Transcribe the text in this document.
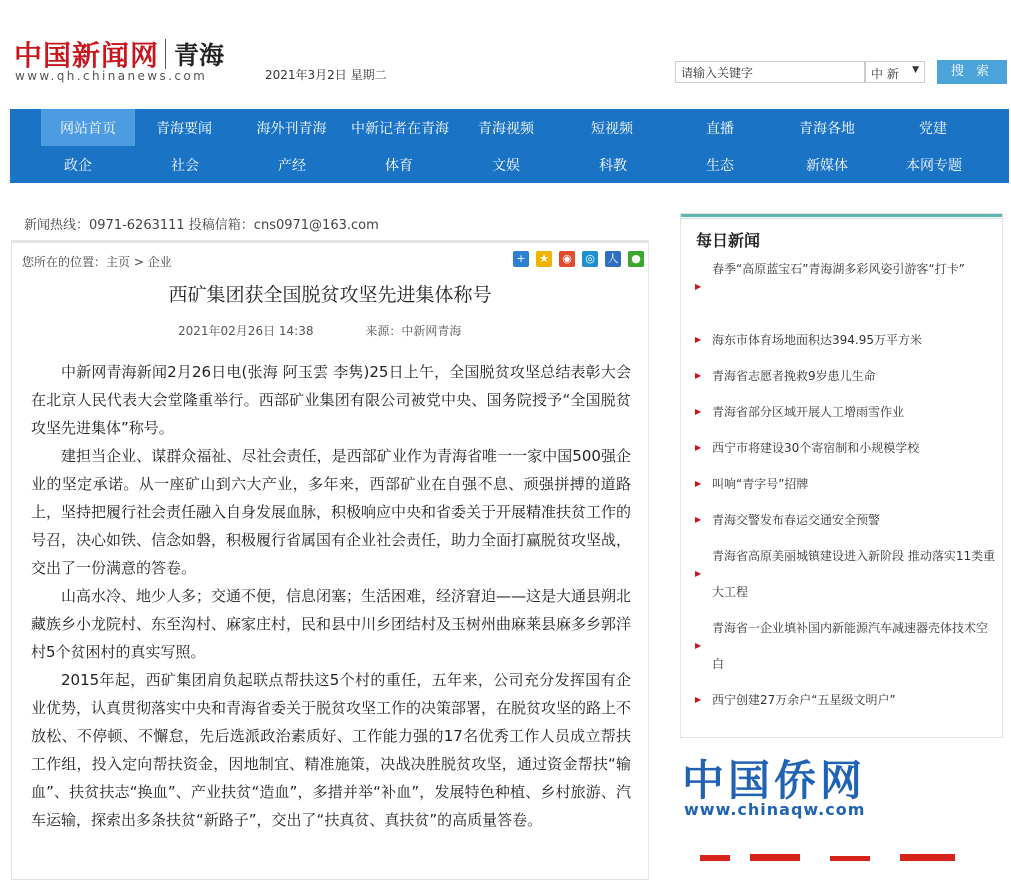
中国新闻网 青海
www.qh.chinanews.com	2021年3月2日 星期二	请输入关键字	中 新 ▼	搜 索
网站首页	青海要闻	海外刊青海	中新记者在青海	青海视频	短视频	直播	青海各地	党建
政企	社会	产经	体育	文娱	科教	生态	新媒体	本网专题
新闻热线：0971-6263111 投稿信箱：cns0971@163.com
您所在的位置：主页 > 企业	+ ★ ◉ ◎ 人 ●
西矿集团获全国脱贫攻坚先进集体称号
2021年02月26日 14:38	来源：中新网青海

中新网青海新闻2月26日电(张海 阿玉雲 李隽)25日上午，全国脱贫攻坚总结表彰大会在北京人民代表大会堂隆重举行。西部矿业集团有限公司被党中央、国务院授予“全国脱贫攻坚先进集体”称号。

建担当企业、谋群众福祉、尽社会责任，是西部矿业作为青海省唯一一家中国500强企业的坚定承诺。从一座矿山到六大产业，多年来，西部矿业在自强不息、顽强拼搏的道路上，坚持把履行社会责任融入自身发展血脉，积极响应中央和省委关于开展精准扶贫工作的号召，决心如铁、信念如磐，积极履行省属国有企业社会责任，助力全面打赢脱贫攻坚战，交出了一份满意的答卷。

山高水冷、地少人多；交通不便，信息闭塞；生活困难，经济窘迫——这是大通县朔北藏族乡小龙院村、东至沟村、麻家庄村，民和县中川乡团结村及玉树州曲麻莱县麻多乡郭洋村5个贫困村的真实写照。

2015年起，西矿集团肩负起联点帮扶这5个村的重任，五年来，公司充分发挥国有企业优势，认真贯彻落实中央和青海省委关于脱贫攻坚工作的决策部署，在脱贫攻坚的路上不放松、不停顿、不懈怠，先后选派政治素质好、工作能力强的17名优秀工作人员成立帮扶工作组，投入定向帮扶资金，因地制宜、精准施策，决战决胜脱贫攻坚，通过资金帮扶“输血”、扶贫扶志“换血”、产业扶贫“造血”，多措并举“补血”，发展特色种植、乡村旅游、汽车运输，探索出多条扶贫“新路子”，交出了“扶真贫、真扶贫”的高质量答卷。

每日新闻
▶
春季“高原蓝宝石”青海湖多彩风姿引游客“打卡”
▶ 海东市体育场地面积达394.95万平方米
▶ 青海省志愿者挽救9岁患儿生命
▶ 青海省部分区域开展人工增雨雪作业
▶ 西宁市将建设30个寄宿制和小规模学校
▶ 叫响“青字号”招牌
▶ 青海交警发布春运交通安全预警
▶
青海省高原美丽城镇建设进入新阶段 推动落实11类重大工程
▶
青海省一企业填补国内新能源汽车减速器壳体技术空白
▶ 西宁创建27万余户“五星级文明户”
中国侨网
www.chinaqw.com
